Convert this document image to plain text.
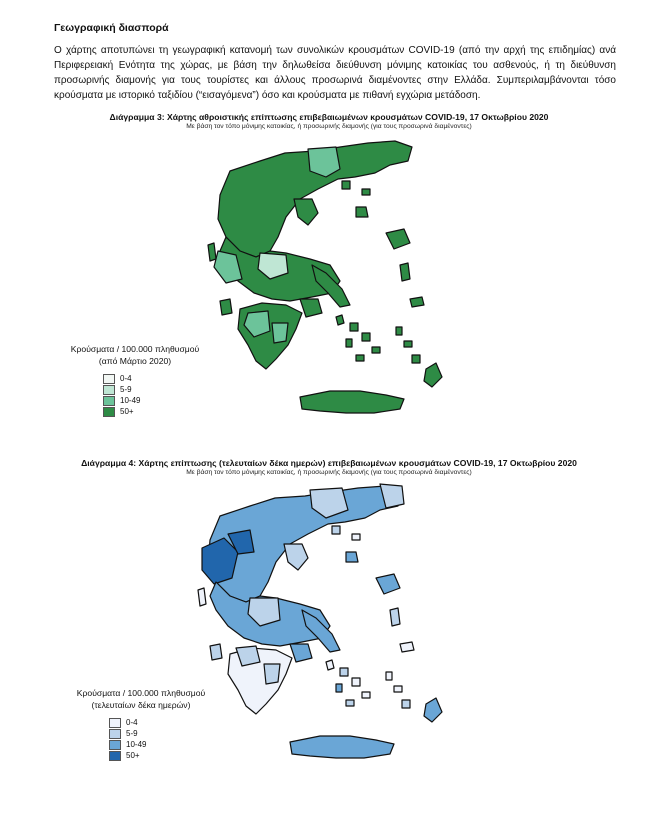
Γεωγραφική διασπορά
Ο χάρτης αποτυπώνει τη γεωγραφική κατανομή των συνολικών κρουσμάτων COVID-19 (από την αρχή της επιδημίας) ανά Περιφερειακή Ενότητα της χώρας, με βάση την δηλωθείσα διεύθυνση μόνιμης κατοικίας του ασθενούς, ή τη διεύθυνση προσωρινής διαμονής για τους τουρίστες και άλλους προσωρινά διαμένοντες στην Ελλάδα. Συμπεριλαμβάνονται τόσο κρούσματα με ιστορικό ταξιδίου (“εισαγόμενα”) όσο και κρούσματα με πιθανή εγχώρια μετάδοση.
Διάγραμμα 3: Χάρτης αθροιστικής επίπτωσης επιβεβαιωμένων κρουσμάτων COVID-19, 17 Οκτωβρίου 2020
Με βάση τον τόπο μόνιμης κατοικίας, ή προσωρινής διαμονής (για τους προσωρινά διαμένοντες)
Κρούσματα / 100.000 πληθυσμού
(από Μάρτιο 2020)
0-4
5-9
10-49
50+
Διάγραμμα 4: Χάρτης επίπτωσης (τελευταίων δέκα ημερών) επιβεβαιωμένων κρουσμάτων COVID-19, 17 Οκτωβρίου 2020
Με βάση τον τόπο μόνιμης κατοικίας, ή προσωρινής διαμονής (για τους προσωρινά διαμένοντες)
Κρούσματα / 100.000 πληθυσμού
(τελευταίων δέκα ημερών)
0-4
5-9
10-49
50+
